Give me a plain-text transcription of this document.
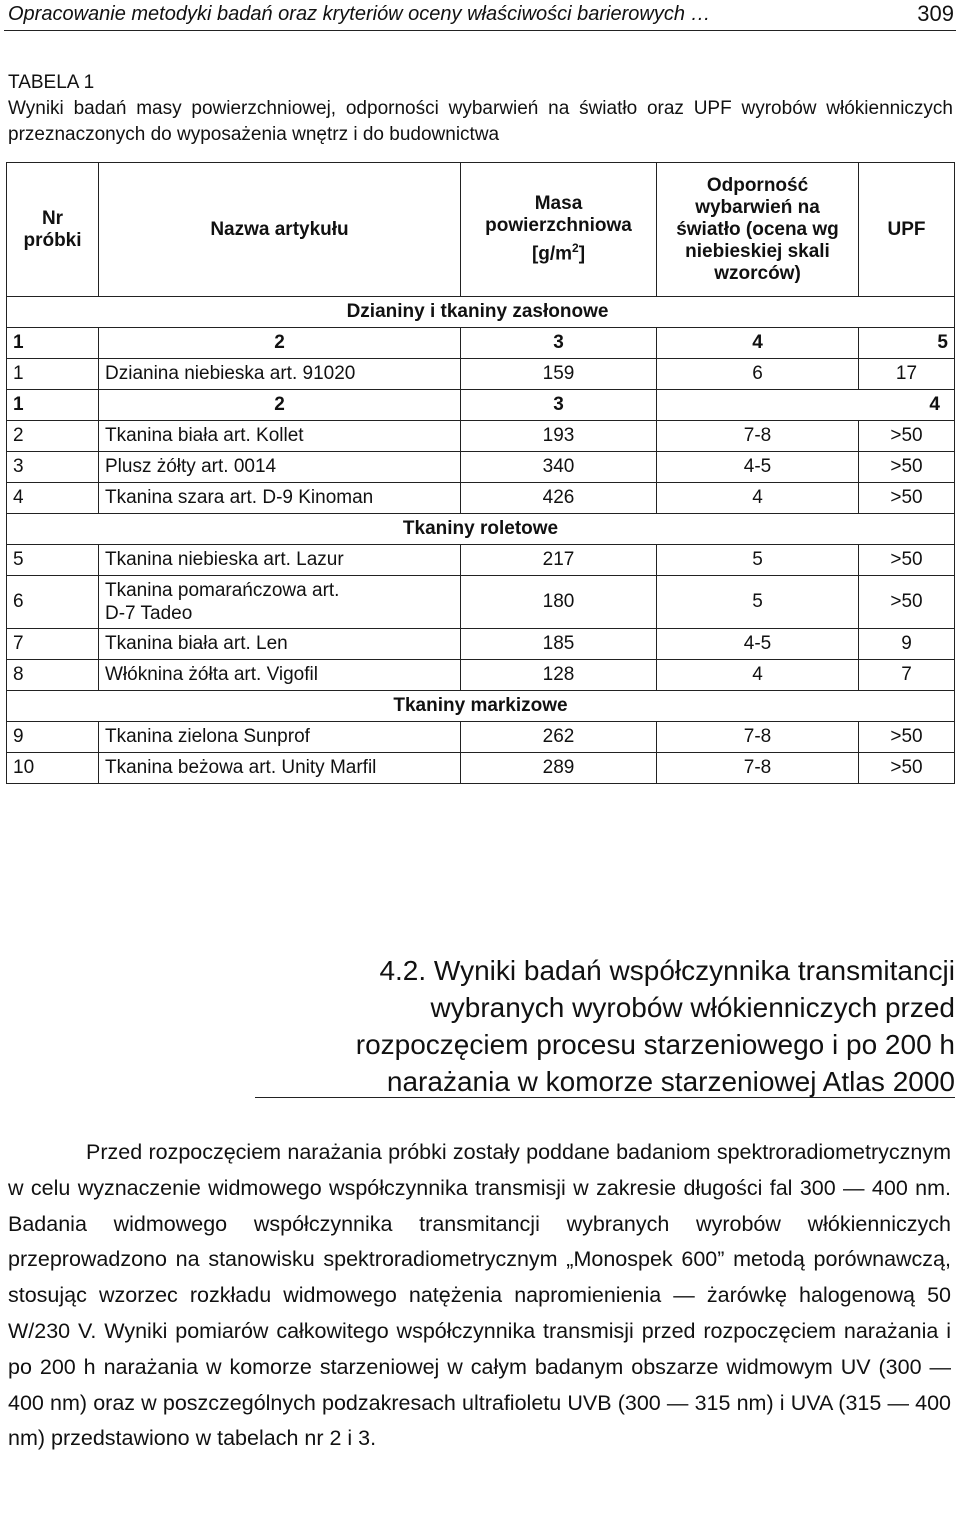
Opracowanie metodyki badań oraz kryteriów oceny właściwości barierowych …	309
TABELA 1
Wyniki badań masy powierzchniowej, odporności wybarwień na światło oraz UPF wyrobów włókienniczych przeznaczonych do wyposażenia wnętrz i do budownictwa
Nr próbki	Nazwa artykułu	Masa powierzchniowa $[g/m^2]$	Odporność wybarwień na światło (ocena wg niebieskiej skali wzorców)	UPF
Dzianiny i tkaniny zasłonowe				
1	2	3	4	5
1	Dzianina niebieska art. 91020	159	6	17
1	2	3	4	
2	Tkanina biała art. Kollet	193	7-8	>50
3	Plusz żółty art. 0014	340	4-5	>50
4	Tkanina szara art. D-9 Kinoman	426	4	>50
Tkaniny roletowe				
5	Tkanina niebieska art. Lazur	217	5	>50
6	Tkanina pomarańczowa art. D-7 Tadeo	180	5	>50
7	Tkanina biała art. Len	185	4-5	9
8	Włóknina żółta art. Vigofil	128	4	7
Tkaniny markizowe				
9	Tkanina zielona Sunprof	262	7-8	>50
10	Tkanina beżowa art. Unity Marfil	289	7-8	>50
4.2. Wyniki badań współczynnika transmitancji
wybranych wyrobów włókienniczych przed
rozpoczęciem procesu starzeniowego i po 200 h
narażania w komorze starzeniowej Atlas 2000

Przed rozpoczęciem narażania próbki zostały poddane badaniom spektroradiometrycznym w celu wyznaczenie widmowego współczynnika transmisji w zakresie długości fal 300 — 400 nm. Badania widmowego współczynnika transmitancji wybranych wyrobów włókienniczych przeprowadzono na stanowisku spektroradiometrycznym „Monospek 600” metodą porównawczą, stosując wzorzec rozkładu widmowego natężenia napromienienia — żarówkę halogenową 50 W/230 V. Wyniki pomiarów całkowitego współczynnika transmisji przed rozpoczęciem narażania i po 200 h narażania w komorze starzeniowej w całym badanym obszarze widmowym UV (300 — 400 nm) oraz w poszczególnych podzakresach ultrafioletu UVB (300 — 315 nm) i UVA (315 — 400 nm) przedstawiono w tabelach nr 2 i 3.
